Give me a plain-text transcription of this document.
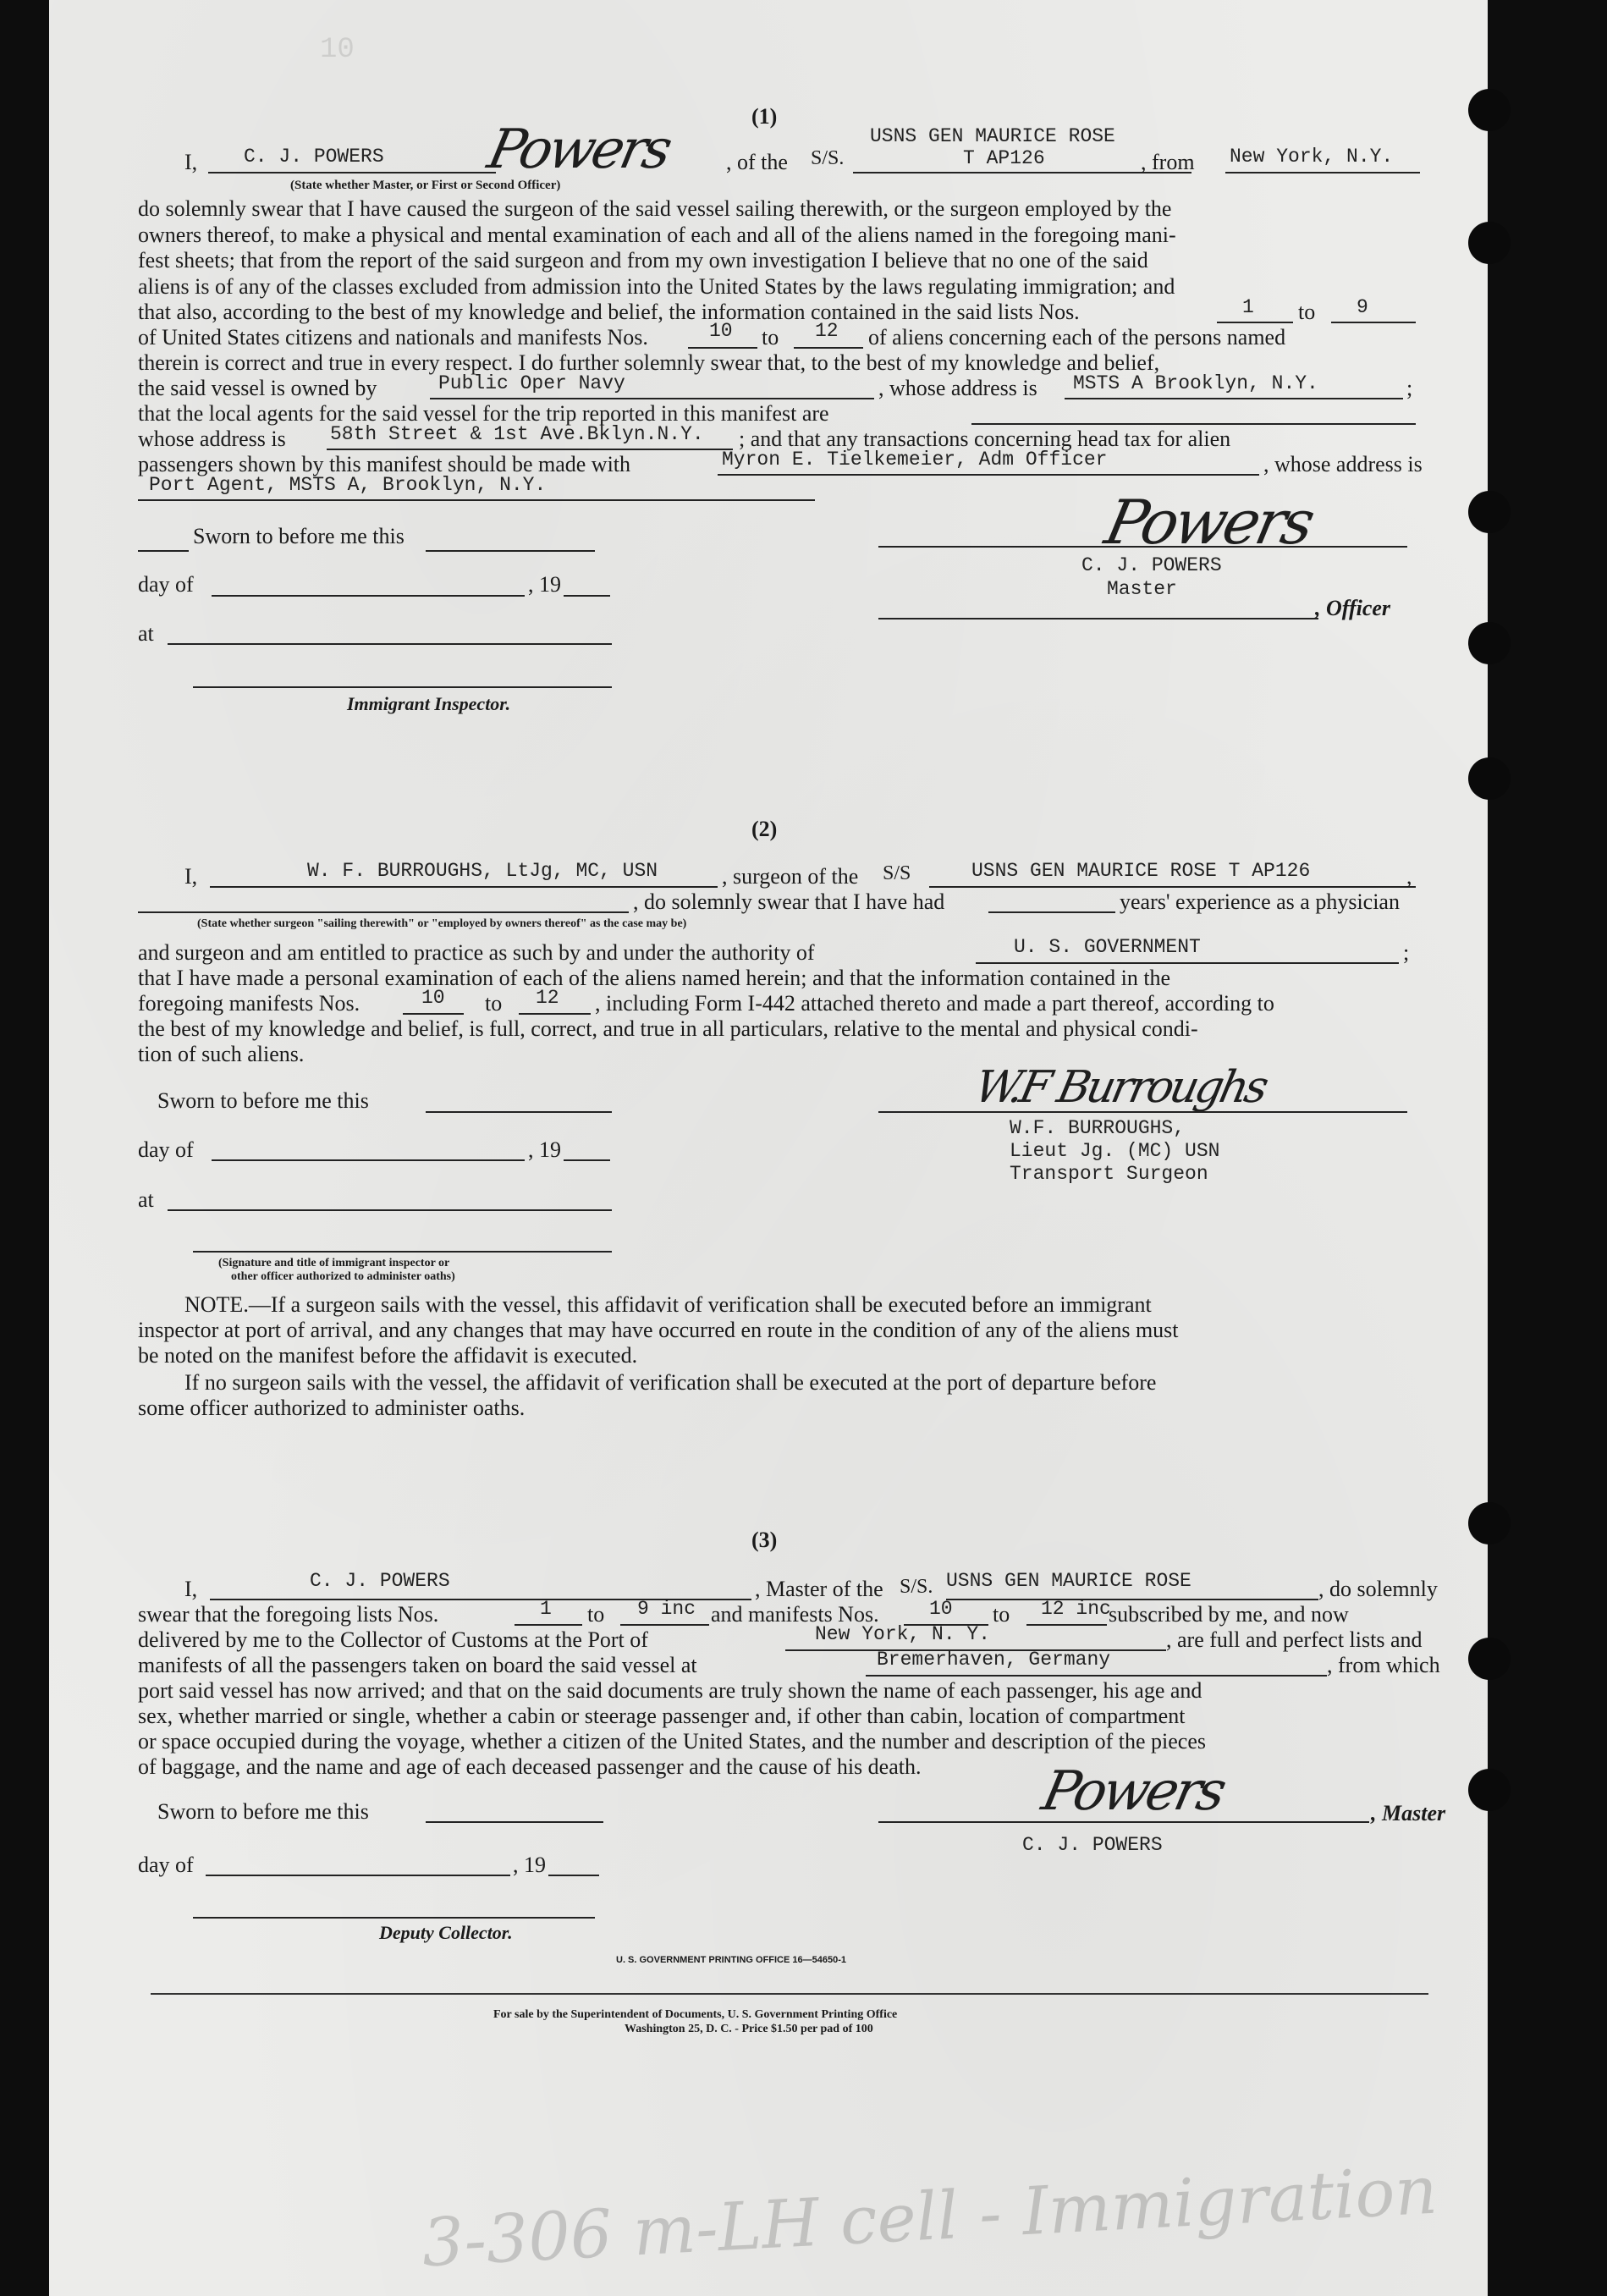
10
(1)
I, C. J. POWERS Powers , of the S/S.
USNS GEN MAURICE ROSE
T AP126	, from New York, N.Y.
(State whether Master, or First or Second Officer)
do solemnly swear that I have caused the surgeon of the said vessel sailing therewith, or the surgeon employed by the
owners thereof, to make a physical and mental examination of each and all of the aliens named in the foregoing mani-
fest sheets; that from the report of the said surgeon and from my own investigation I believe that no one of the said
aliens is of any of the classes excluded from admission into the United States by the laws regulating immigration; and
that also, according to the best of my knowledge and belief, the information contained in the said lists Nos.	1 to 9
of United States citizens and nationals and manifests Nos.	10 to 12 of aliens concerning each of the persons named
therein is correct and true in every respect. I do further solemnly swear that, to the best of my knowledge and belief,
the said vessel is owned by	Public Oper Navy	, whose address is MSTS A Brooklyn, N.Y.	;
that the local agents for the said vessel for the trip reported in this manifest are
whose address is 58th Street & 1st Ave.Bklyn.N.Y. ; and that any transactions concerning head tax for alien
passengers shown by this manifest should be made with	Myron E. Tielkemeier, Adm Officer	, whose address is
Port Agent, MSTS A, Brooklyn, N.Y.
Sworn to before me this
day of	, 19
at
Immigrant Inspector.
Powers
C. J. POWERS
Master
, Officer
(2)
I,	W. F. BURROUGHS, LtJg, MC, USN	, surgeon of the S/S	USNS GEN MAURICE ROSE T AP126	,
, do solemnly swear that I have had	years' experience as a physician
(State whether surgeon "sailing therewith" or "employed by owners thereof" as the case may be)
and surgeon and am entitled to practice as such by and under the authority of	U. S. GOVERNMENT	;
that I have made a personal examination of each of the aliens named herein; and that the information contained in the
foregoing manifests Nos.	10 to 12 , including Form I-442 attached thereto and made a part thereof, according to
the best of my knowledge and belief, is full, correct, and true in all particulars, relative to the mental and physical condi-
tion of such aliens.
Sworn to before me this
day of	, 19
at
(Signature and title of immigrant inspector or
other officer authorized to administer oaths)
W.F Burroughs
W.F. BURROUGHS,
Lieut Jg. (MC) USN
Transport Surgeon
NOTE.—If a surgeon sails with the vessel, this affidavit of verification shall be executed before an immigrant
inspector at port of arrival, and any changes that may have occurred en route in the condition of any of the aliens must
be noted on the manifest before the affidavit is executed.
If no surgeon sails with the vessel, the affidavit of verification shall be executed at the port of departure before
some officer authorized to administer oaths.
(3)
I,	C. J. POWERS	, Master of the S/S. USNS GEN MAURICE ROSE	, do solemnly
swear that the foregoing lists Nos.	1 to 9 inc and manifests Nos.	10 to 12 inc
subscribed by me, and now
delivered by me to the Collector of Customs at the Port of	New York, N. Y.	, are full and perfect lists and
manifests of all the passengers taken on board the said vessel at	Bremerhaven, Germany	, from which
port said vessel has now arrived; and that on the said documents are truly shown the name of each passenger, his age and
sex, whether married or single, whether a cabin or steerage passenger and, if other than cabin, location of compartment
or space occupied during the voyage, whether a citizen of the United States, and the number and description of the pieces
of baggage, and the name and age of each deceased passenger and the cause of his death.
Sworn to before me this
day of	, 19
Deputy Collector.
Powers	, Master
C. J. POWERS
U. S. GOVERNMENT PRINTING OFFICE 16—54650-1
For sale by the Superintendent of Documents, U. S. Government Printing Office
Washington 25, D. C. - Price $1.50 per pad of 100
3-306 m-LH cell - Immigration
